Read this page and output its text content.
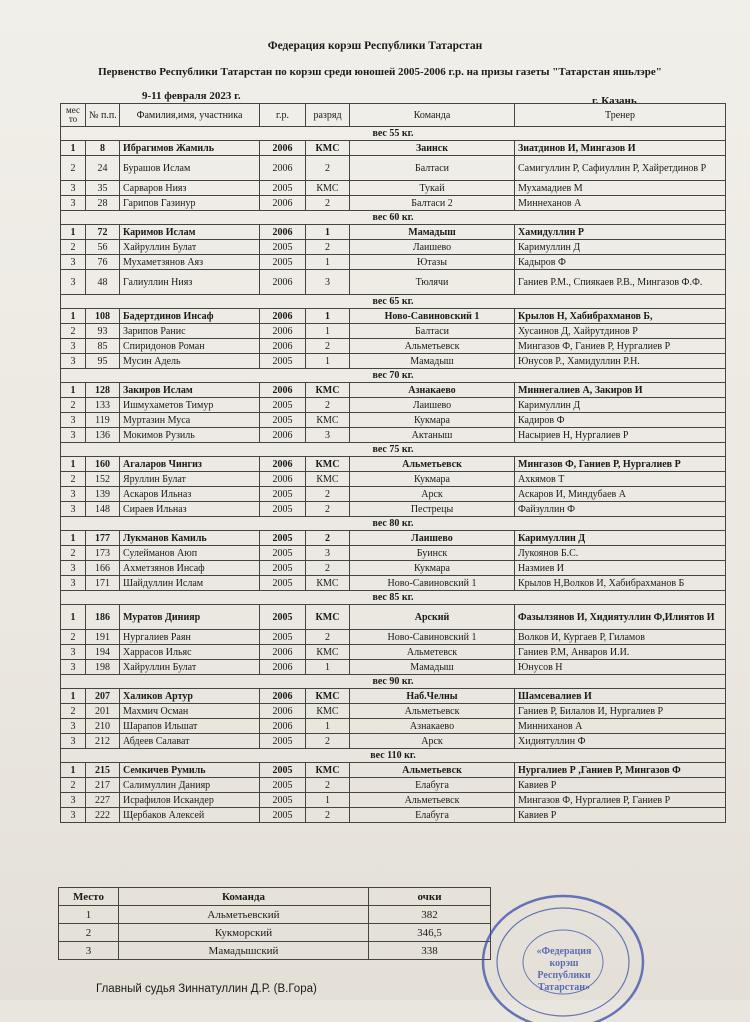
Федерация корэш Республики Татарстан
Первенство Республики Татарстан по корэш среди юношей 2005-2006 г.р. на призы газеты "Татарстан яшьлэре"
9-11 февраля 2023 г.	г. Казань
мес то	№ п.п.	Фамилия,имя, участника	г.р.	разряд	Команда	Тренер
вес 55 кг.						
1	8	Ибрагимов Жамиль	2006	КМС	Заинск	Зиатдинов И, Мингазов И
2	24	Бурашов Ислам	2006	2	Балтаси	Самигуллин Р, Сафиуллин Р, Хайретдинов Р
3	35	Сарваров Нияз	2005	КМС	Тукай	Мухамадиев М
3	28	Гарипов Газинур	2006	2	Балтаси 2	Миннеханов А
вес 60 кг.						
1	72	Каримов Ислам	2006	1	Мамадыш	Хамидуллин Р
2	56	Хайруллин Булат	2005	2	Лаишево	Каримуллин Д
3	76	Мухаметзянов Аяз	2005	1	Ютазы	Кадыров Ф
3	48	Галиуллин Нияз	2006	3	Тюлячи	Ганиев Р.М., Спиякаев Р.В., Мингазов Ф.Ф.
вес 65 кг.						
1	108	Бадертдинов Инсаф	2006	1	Ново-Савиновский 1	Крылов Н, Хабибрахманов Б,
2	93	Зарипов Ранис	2006	1	Балтаси	Хусаинов Д, Хайрутдинов Р
3	85	Спиридонов Роман	2006	2	Альметьевск	Мингазов Ф, Ганиев Р, Нургалиев Р
3	95	Мусин Адель	2005	1	Мамадыш	Юнусов Р., Хамидуллин Р.Н.
вес 70 кг.						
1	128	Закиров Ислам	2006	КМС	Азнакаево	Миннегалиев А, Закиров И
2	133	Ишмухаметов Тимур	2005	2	Лаишево	Каримуллин Д
3	119	Муртазин Муса	2005	КМС	Кукмара	Кадиров Ф
3	136	Мокимов Рузиль	2006	3	Актаныш	Насыриев Н, Нургалиев Р
вес 75 кг.						
1	160	Агаларов Чингиз	2006	КМС	Альметьевск	Мингазов Ф, Ганиев Р, Нургалиев Р
2	152	Яруллин Булат	2006	КМС	Кукмара	Ахкямов Т
3	139	Аскаров Ильназ	2005	2	Арск	Аскаров И, Миндубаев А
3	148	Сираев Ильназ	2005	2	Пестрецы	Файзуллин Ф
вес 80 кг.						
1	177	Лукманов Камиль	2005	2	Лаишево	Каримуллин Д
2	173	Сулейманов Аюп	2005	3	Буинск	Лукоянов Б.С.
3	166	Ахметзянов Инсаф	2005	2	Кукмара	Назмиев И
3	171	Шайдуллин Ислам	2005	КМС	Ново-Савиновский 1	Крылов Н,Волков И, Хабибрахманов Б
вес 85 кг.						
1	186	Муратов Динияр	2005	КМС	Арский	Фазылзянов И, Хидиятуллин Ф,Илиятов И
2	191	Нургалиев Раян	2005	2	Ново-Савиновский 1	Волков И, Кургаев Р, Гиламов
3	194	Харрасов Ильяс	2006	КМС	Альметевск	Ганиев Р.М, Анваров И.И.
3	198	Хайруллин Булат	2006	1	Мамадыш	Юнусов Н
вес 90 кг.						
1	207	Халиков Артур	2006	КМС	Наб.Челны	Шамсевалиев И
2	201	Махмич Осман	2006	КМС	Альметьевск	Ганиев Р, Билалов И, Нургалиев Р
3	210	Шарапов Ильшат	2006	1	Азнакаево	Минниханов А
3	212	Абдеев Салават	2005	2	Арск	Хидиятуллин Ф
вес 110 кг.						
1	215	Семкичев Румиль	2005	КМС	Альметьевск	Нургалиев Р ,Ганиев Р, Мингазов Ф
2	217	Салимуллин Данияр	2005	2	Елабуга	Кавиев Р
3	227	Исрафилов Искандер	2005	1	Альметьевск	Мингазов Ф, Нургалиев Р, Ганиев Р
3	222	Щербаков Алексей	2005	2	Елабуга	Кавиев Р
Место	Команда	очки
1	Альметьевский	382
2	Кукморский	346,5
3	Мамадышский	338	«Федерация
корэш
Республики
Татарстан»
Главный судья Зиннатуллин Д.Р. (В.Гора)
